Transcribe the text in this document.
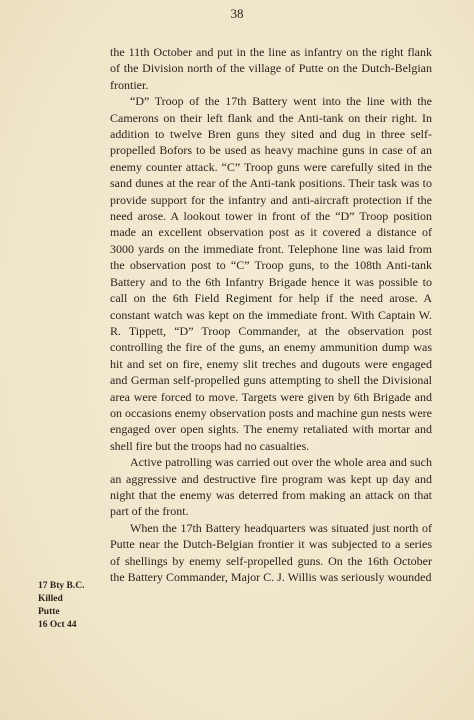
38

the 11th October and put in the line as infantry on the right flank of the Division north of the village of Putte on the Dutch-Belgian frontier.

“D” Troop of the 17th Battery went into the line with the Camerons on their left flank and the Anti-tank on their right. In addition to twelve Bren guns they sited and dug in three self-propelled Bofors to be used as heavy machine guns in case of an enemy counter attack. “C” Troop guns were carefully sited in the sand dunes at the rear of the Anti-tank positions. Their task was to provide support for the infantry and anti-aircraft protection if the need arose. A lookout tower in front of the “D” Troop position made an excellent observation post as it covered a distance of 3000 yards on the immediate front. Telephone line was laid from the observation post to “C” Troop guns, to the 108th Anti-tank Battery and to the 6th Infantry Brigade hence it was possible to call on the 6th Field Regiment for help if the need arose. A constant watch was kept on the immediate front. With Captain W. R. Tippett, “D” Troop Commander, at the observation post controlling the fire of the guns, an enemy ammunition dump was hit and set on fire, enemy slit treches and dugouts were engaged and German self-propelled guns attempting to shell the Divisional area were forced to move. Targets were given by 6th Brigade and on occasions enemy observation posts and machine gun nests were engaged over open sights. The enemy retaliated with mortar and shell fire but the troops had no casualties.

Active patrolling was carried out over the whole area and such an aggressive and destructive fire program was kept up day and night that the enemy was deterred from making an attack on that part of the front.

When the 17th Battery headquarters was situated just north of Putte near the Dutch-Belgian frontier it was subjected to a series of shellings by enemy self-propelled guns. On the 16th October the Battery Commander, Major C. J. Willis was seriously wounded

17 Bty B.C.
Killed
Putte
16 Oct 44
